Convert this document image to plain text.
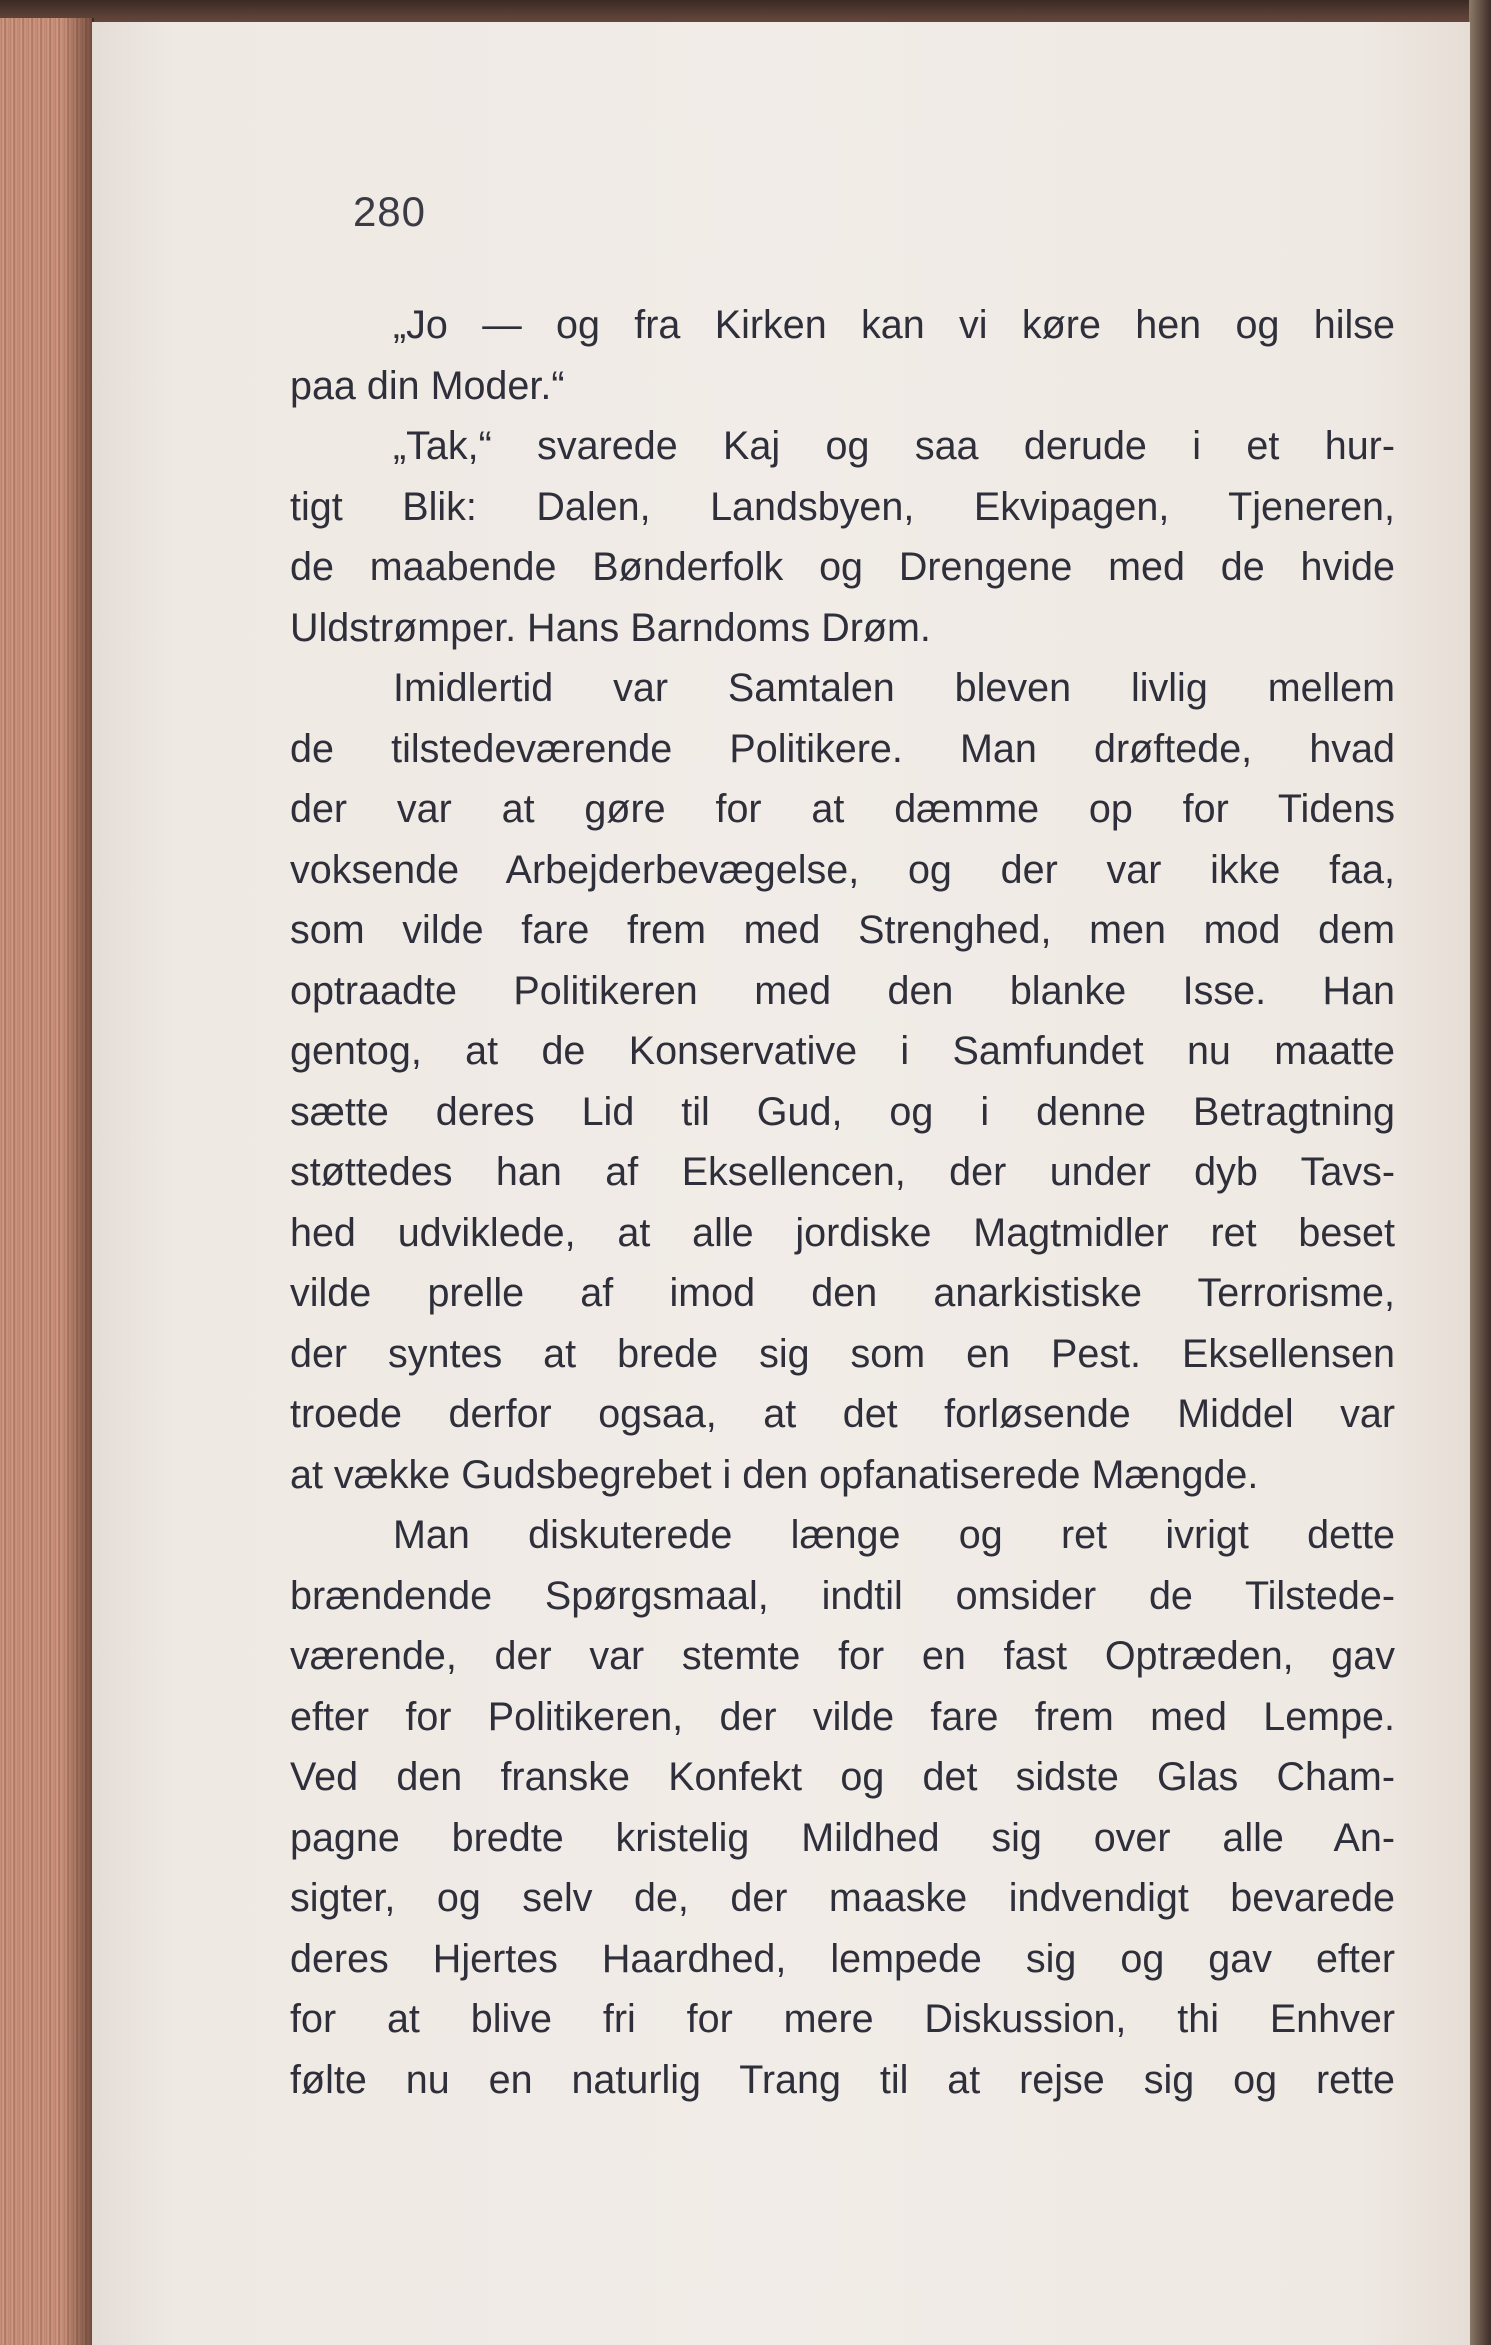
280
„Jo — og fra Kirken kan vi køre hen og hilse
paa din Moder.“
„Tak,“ svarede Kaj og saa derude i et hur-
tigt Blik: Dalen, Landsbyen, Ekvipagen, Tjeneren,
de maabende Bønderfolk og Drengene med de hvide
Uldstrømper. Hans Barndoms Drøm.
Imidlertid var Samtalen bleven livlig mellem
de tilstedeværende Politikere. Man drøftede, hvad
der var at gøre for at dæmme op for Tidens
voksende Arbejderbevægelse, og der var ikke faa,
som vilde fare frem med Strenghed, men mod dem
optraadte Politikeren med den blanke Isse. Han
gentog, at de Konservative i Samfundet nu maatte
sætte deres Lid til Gud, og i denne Betragtning
støttedes han af Eksellencen, der under dyb Tavs-
hed udviklede, at alle jordiske Magtmidler ret beset
vilde prelle af imod den anarkistiske Terrorisme,
der syntes at brede sig som en Pest. Eksellensen
troede derfor ogsaa, at det forløsende Middel var
at vække Gudsbegrebet i den opfanatiserede Mængde.
Man diskuterede længe og ret ivrigt dette
brændende Spørgsmaal, indtil omsider de Tilstede-
værende, der var stemte for en fast Optræden, gav
efter for Politikeren, der vilde fare frem med Lempe.
Ved den franske Konfekt og det sidste Glas Cham-
pagne bredte kristelig Mildhed sig over alle An-
sigter, og selv de, der maaske indvendigt bevarede
deres Hjertes Haardhed, lempede sig og gav efter
for at blive fri for mere Diskussion, thi Enhver
følte nu en naturlig Trang til at rejse sig og rette
